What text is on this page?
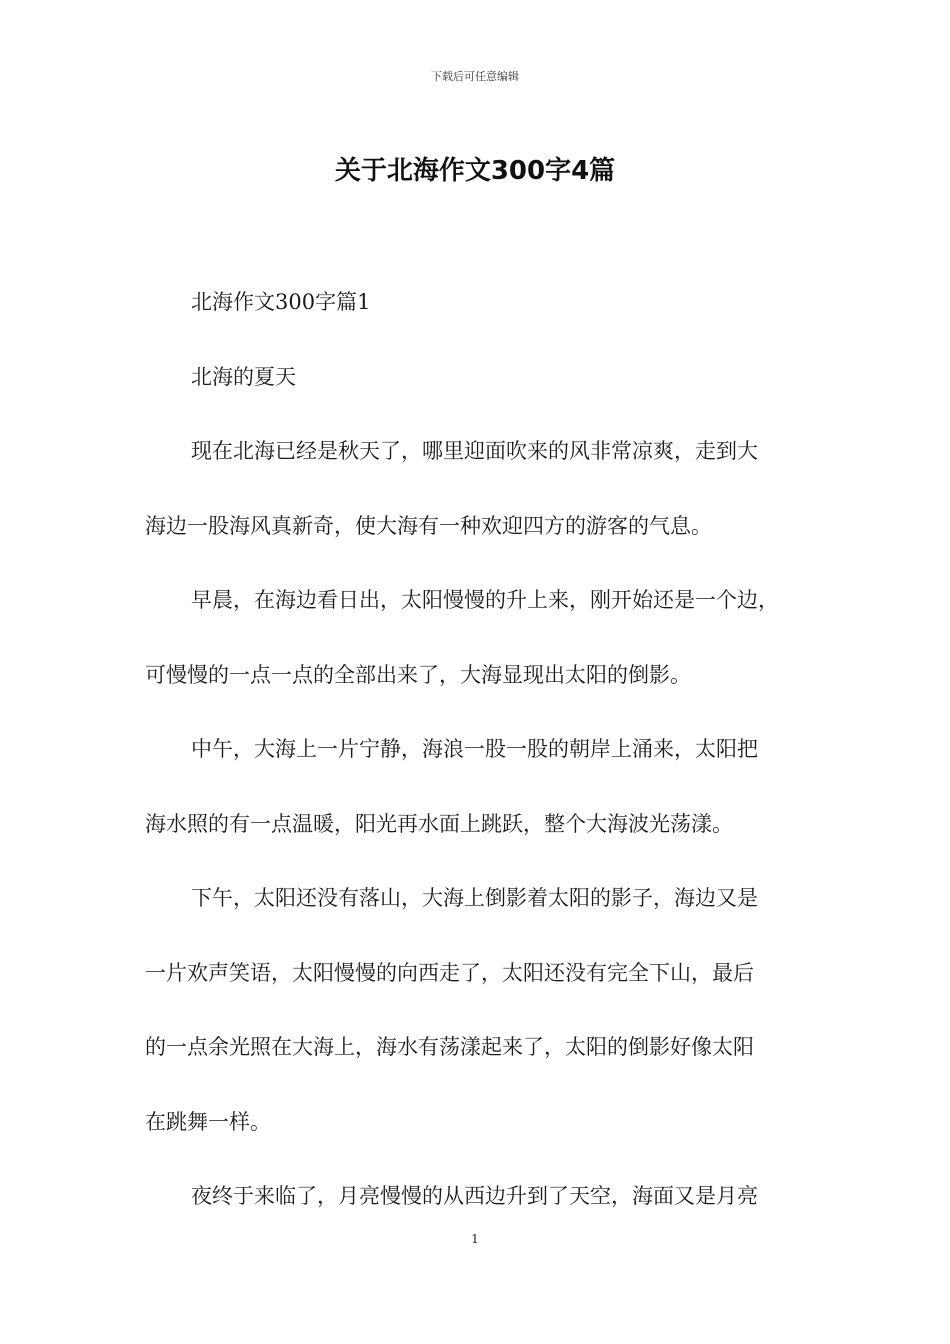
下载后可任意编辑
关于北海作文300字4篇
北海作文300字篇1
北海的夏天
现在北海已经是秋天了，哪里迎面吹来的风非常凉爽，走到大
海边一股海风真新奇，使大海有一种欢迎四方的游客的气息。
早晨，在海边看日出，太阳慢慢的升上来，刚开始还是一个边，
可慢慢的一点一点的全部出来了，大海显现出太阳的倒影。
中午，大海上一片宁静，海浪一股一股的朝岸上涌来，太阳把
海水照的有一点温暖，阳光再水面上跳跃，整个大海波光荡漾。
下午，太阳还没有落山，大海上倒影着太阳的影子，海边又是
一片欢声笑语，太阳慢慢的向西走了，太阳还没有完全下山，最后
的一点余光照在大海上，海水有荡漾起来了，太阳的倒影好像太阳
在跳舞一样。
夜终于来临了，月亮慢慢的从西边升到了天空，海面又是月亮
1
